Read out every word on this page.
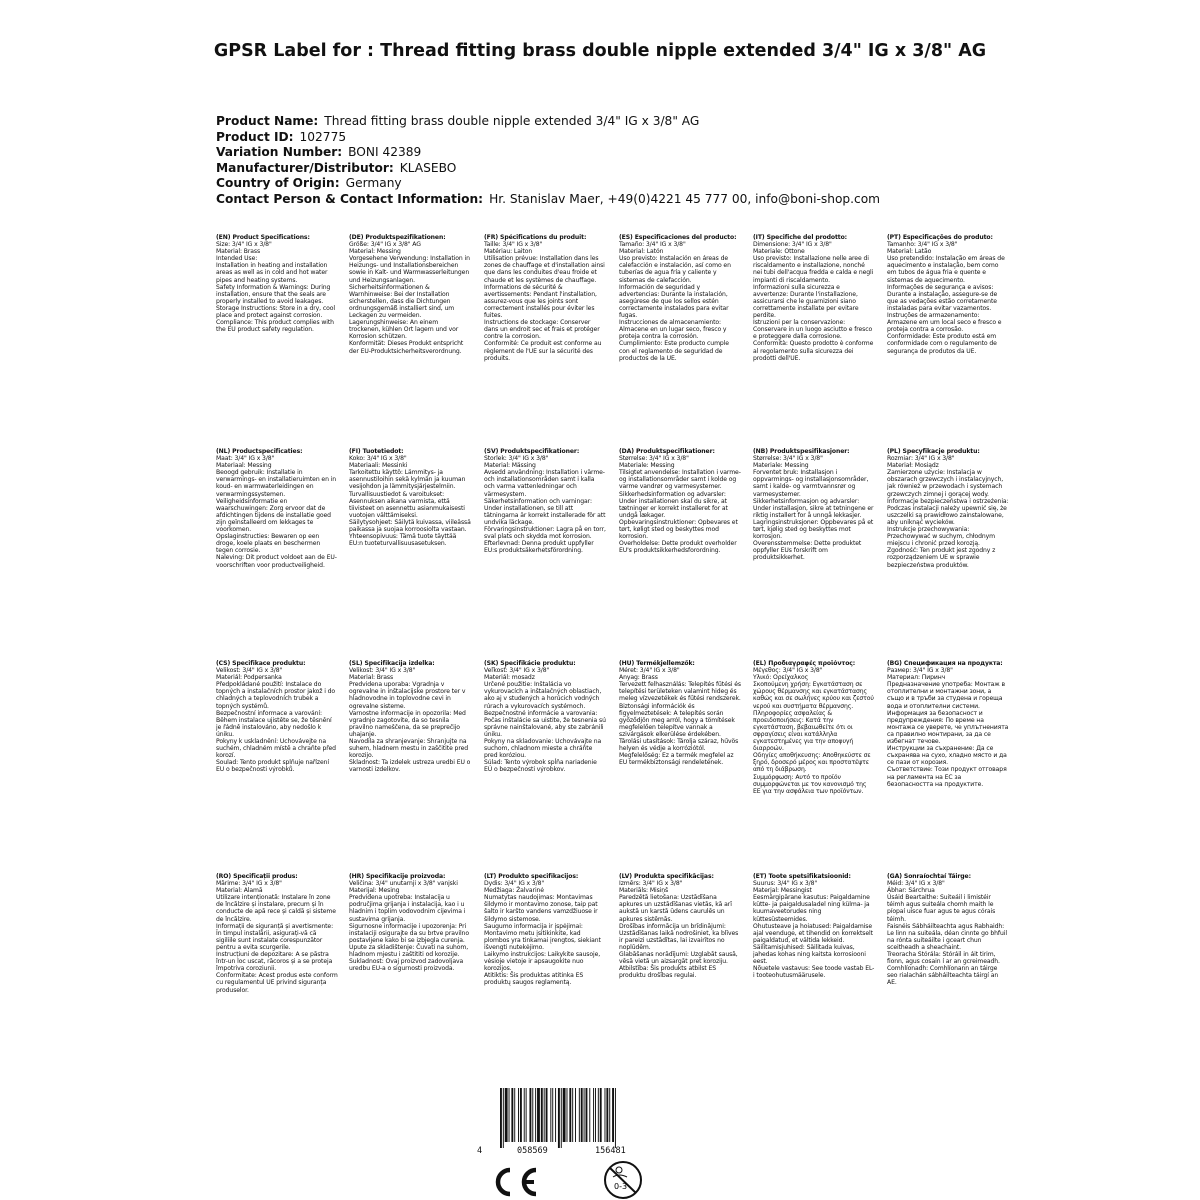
GPSR Label for : Thread fitting brass double nipple extended 3/4" IG x 3/8" AG
Product Name: Thread fitting brass double nipple extended 3/4" IG x 3/8" AG
Product ID: 102775
Variation Number: BONI 42389
Manufacturer/Distributor: KLASEBO
Country of Origin: Germany
Contact Person & Contact Information: Hr. Stanislav Maer, +49(0)4221 45 777 00, info@boni-shop.com

(EN) Product Specifications:

Size: 3/4" IG x 3/8"

Material: Brass

Intended Use:

Installation in heating and installation areas as well as in cold and hot water pipes and heating systems.

Safety Information & Warnings: During installation, ensure that the seals are properly installed to avoid leakages.

Storage Instructions: Store in a dry, cool place and protect against corrosion.

Compliance: This product complies with the EU product safety regulation.

(DE) Produktspezifikationen:

Größe: 3/4" IG x 3/8" AG

Material: Messing

Vorgesehene Verwendung: Installation in Heizungs- und Installationsbereichen sowie in Kalt- und Warmwasserleitungen und Heizungsanlagen.

Sicherheitsinformationen & Warnhinweise: Bei der Installation sicherstellen, dass die Dichtungen ordnungsgemäß installiert sind, um Leckagen zu vermeiden.

Lagerungshinweise: An einem trockenen, kühlen Ort lagern und vor Korrosion schützen.

Konformität: Dieses Produkt entspricht der EU-Produktsicherheitsverordnung.

(FR) Spécifications du produit:

Taille: 3/4" IG x 3/8"

Matériau: Laiton

Utilisation prévue: Installation dans les zones de chauffage et d'installation ainsi que dans les conduites d'eau froide et chaude et les systèmes de chauffage.

Informations de sécurité & avertissements: Pendant l'installation, assurez-vous que les joints sont correctement installés pour éviter les fuites.

Instructions de stockage: Conserver dans un endroit sec et frais et protéger contre la corrosion.

Conformité: Ce produit est conforme au règlement de l'UE sur la sécurité des produits.

(ES) Especificaciones del producto:

Tamaño: 3/4" IG x 3/8"

Material: Latón

Uso previsto: Instalación en áreas de calefacción e instalación, así como en tuberías de agua fría y caliente y sistemas de calefacción.

Información de seguridad y advertencias: Durante la instalación, asegúrese de que los sellos estén correctamente instalados para evitar fugas.

Instrucciones de almacenamiento: Almacene en un lugar seco, fresco y proteja contra la corrosión.

Cumplimiento: Este producto cumple con el reglamento de seguridad de productos de la UE.

(IT) Specifiche del prodotto:

Dimensione: 3/4" IG x 3/8"

Materiale: Ottone

Uso previsto: Installazione nelle aree di riscaldamento e installazione, nonché nei tubi dell'acqua fredda e calda e negli impianti di riscaldamento.

Informazioni sulla sicurezza e avvertenze: Durante l'installazione, assicurarsi che le guarnizioni siano correttamente installate per evitare perdite.

Istruzioni per la conservazione: Conservare in un luogo asciutto e fresco e proteggere dalla corrosione.

Conformità: Questo prodotto è conforme al regolamento sulla sicurezza dei prodotti dell'UE.

(PT) Especificações do produto:

Tamanho: 3/4" IG x 3/8"

Material: Latão

Uso pretendido: Instalação em áreas de aquecimento e instalação, bem como em tubos de água fria e quente e sistemas de aquecimento.

Informações de segurança e avisos: Durante a instalação, assegure-se de que as vedações estão corretamente instaladas para evitar vazamentos.

Instruções de armazenamento: Armazene em um local seco e fresco e proteja contra a corrosão.

Conformidade: Este produto está em conformidade com o regulamento de segurança de produtos da UE.

(NL) Productspecificaties:

Maat: 3/4" IG x 3/8"

Materiaal: Messing

Beoogd gebruik: Installatie in verwarmings- en installatieruimten en in koud- en warmwaterleidingen en verwarmingssystemen.

Veiligheidsinformatie en waarschuwingen: Zorg ervoor dat de afdichtingen tijdens de installatie goed zijn geïnstalleerd om lekkages te voorkomen.

Opslaginstructies: Bewaren op een droge, koele plaats en beschermen tegen corrosie.

Naleving: Dit product voldoet aan de EU-voorschriften voor productveiligheid.

(FI) Tuotetiedot:

Koko: 3/4" IG x 3/8"

Materiaali: Messinki

Tarkoitettu käyttö: Lämmitys- ja asennustiloihin sekä kylmän ja kuuman vesijohdon ja lämmitysjärjestelmiin.

Turvallisuustiedot & varoitukset: Asennuksen aikana varmista, että tiivisteet on asennettu asianmukaisesti vuotojen välttämiseksi.

Säilytysohjeet: Säilytä kuivassa, viileässä paikassa ja suojaa korroosiolta vastaan.

Yhteensopivuus: Tämä tuote täyttää EU:n tuoteturvallisuusasetuksen.

(SV) Produktspecifikationer:

Storlek: 3/4" IG x 3/8"

Material: Mässing

Avsedd användning: Installation i värme- och installationsområden samt i kalla och varma vattenledningar och värmesystem.

Säkerhetsinformation och varningar: Under installationen, se till att tätningarna är korrekt installerade för att undvika läckage.

Förvaringsinstruktioner: Lagra på en torr, sval plats och skydda mot korrosion.

Efterlevnad: Denna produkt uppfyller EU:s produktsäkerhetsförordning.

(DA) Produktspecifikationer:

Størrelse: 3/4" IG x 3/8"

Materiale: Messing

Tilsigtet anvendelse: Installation i varme- og installationsområder samt i kolde og varme vandrør og varmesystemer.

Sikkerhedsinformation og advarsler: Under installationen skal du sikre, at tætninger er korrekt installeret for at undgå lækager.

Opbevaringsinstruktioner: Opbevares et tørt, køligt sted og beskyttes mod korrosion.

Overholdelse: Dette produkt overholder EU's produktsikkerhedsforordning.

(NB) Produktspesifikasjoner:

Størrelse: 3/4" IG x 3/8"

Materiale: Messing

Forventet bruk: Installasjon i oppvarmings- og installasjonsområder, samt i kalde- og varmtvannsrør og varmesystemer.

Sikkerhetsinformasjon og advarsler: Under installasjon, sikre at tetningene er riktig installert for å unngå lekkasjer.

Lagringsinstruksjoner: Oppbevares på et tørt, kjølig sted og beskyttes mot korrosjon.

Overensstemmelse: Dette produktet oppfyller EUs forskrift om produktsikkerhet.

(PL) Specyfikacje produktu:

Rozmiar: 3/4" IG x 3/8"

Materiał: Mosiądz

Zamierzone użycie: Instalacja w obszarach grzewczych i instalacyjnych, jak również w przewodach i systemach grzewczych zimnej i gorącej wody.

Informacje bezpieczeństwa i ostrzeżenia: Podczas instalacji należy upewnić się, że uszczelki są prawidłowo zainstalowane, aby uniknąć wycieków.

Instrukcje przechowywania: Przechowywać w suchym, chłodnym miejscu i chronić przed korozją.

Zgodność: Ten produkt jest zgodny z rozporządzeniem UE w sprawie bezpieczeństwa produktów.

(CS) Specifikace produktu:

Velikost: 3/4" IG x 3/8"

Materiál: Podpersanka

Předpokládané použití: Instalace do topných a instalačních prostor jakož i do chladných a teplovodních trubek a topných systémů.

Bezpečnostní informace a varování: Během instalace ujistěte se, že těsnění je řádně instalováno, aby nedošlo k úniku.

Pokyny k uskladnění: Uchovávejte na suchém, chladném místě a chraňte před korozí.

Soulad: Tento produkt splňuje nařízení EU o bezpečnosti výrobků.

(SL) Specifikacija izdelka:

Velikost: 3/4" IG x 3/8"

Material: Brass

Predvidena uporaba: Vgradnja v ogrevalne in inštalacijske prostore ter v hladnovodne in toplovodne cevi in ogrevalne sisteme.

Varnostne informacije in opozorila: Med vgradnjo zagotovite, da so tesnila pravilno nameščena, da se preprečijo uhajanje.

Navodila za shranjevanje: Shranjujte na suhem, hladnem mestu in zaščitite pred korozijo.

Skladnost: Ta izdelek ustreza uredbi EU o varnosti izdelkov.

(SK) Špecifikácie produktu:

Veľkosť: 3/4" IG x 3/8"

Materiál: mosadz

Určené použitie: Inštalácia vo vykurovacích a inštalačných oblastiach, ako aj v studených a horúcich vodných rúrach a vykurovacích systémoch.

Bezpečnostné informácie a varovania: Počas inštalácie sa uistite, že tesnenia sú správne nainštalované, aby ste zabránili úniku.

Pokyny na skladovanie: Uchovávajte na suchom, chladnom mieste a chráňte pred koróziou.

Súlad: Tento výrobok spĺňa nariadenie EÚ o bezpečnosti výrobkov.

(HU) Termékjellemzők:

Méret: 3/4" IG x 3/8"

Anyag: Brass

Tervezett felhasználás: Telepítés fűtési és telepítési területeken valamint hideg és meleg vízvezetékek és fűtési rendszerek.

Biztonsági információk és figyelmeztetések: A telepítés során győződjön meg arról, hogy a tömítések megfelelően telepítve vannak a szivárgások elkerülése érdekében.

Tárolási utasítások: Tárolja száraz, hűvös helyen és védje a korróziótól.

Megfelelőség: Ez a termék megfelel az EU termékbiztonsági rendeletének.

(EL) Προδιαγραφές προϊόντος:

Μέγεθος: 3/4" IG x 3/8"

Υλικό: Ορείχαλκος

Σκοπούμενη χρήση: Εγκατάσταση σε χώρους θέρμανσης και εγκατάστασης καθώς και σε σωλήνες κρύου και ζεστού νερού και συστήματα θέρμανσης.

Πληροφορίες ασφαλείας & προειδοποιήσεις: Κατά την εγκατάσταση, βεβαιωθείτε ότι οι σφραγίσεις είναι κατάλληλα εγκατεστημένες για την αποφυγή διαρροών.

Οδηγίες αποθήκευσης: Αποθηκεύστε σε ξηρό, δροσερό μέρος και προστατέψτε από τη διάβρωση.

Συμμόρφωση: Αυτό το προϊόν συμμορφώνεται με τον κανονισμό της ΕΕ για την ασφάλεια των προϊόντων.

(BG) Спецификация на продукта:

Размер: 3/4" IG x 3/8"

Материал: Пиринч

Предназначение употреба: Монтаж в отоплителни и монтажни зони, а също и в тръби за студена и гореща вода и отоплителни системи.

Информация за безопасност и предупреждения: По време на монтажа се уверете, че уплътненията са правилно монтирани, за да се избегнат течове.

Инструкции за съхранение: Да се съхранява на сухо, хладно място и да се пази от корозия.

Съответствие: Този продукт отговаря на регламента на ЕС за безопасността на продуктите.

(RO) Specificații produs:

Mărime: 3/4" IG x 3/8"

Material: Alamă

Utilizare intenționată: Instalare în zone de încălzire și instalare, precum și în conducte de apă rece și caldă și sisteme de încălzire.

Informații de siguranță și avertismente: În timpul instalării, asigurați-vă că sigiliile sunt instalate corespunzător pentru a evita scurgerile.

Instrucțiuni de depozitare: A se păstra într-un loc uscat, răcoros și a se proteja împotriva coroziunii.

Conformitate: Acest produs este conform cu regulamentul UE privind siguranța produselor.

(HR) Specifikacije proizvoda:

Veličina: 3/4" unutarnji x 3/8" vanjski

Materijal: Mesing

Predviđena upotreba: Instalacija u područjima grijanja i instalacija, kao i u hladnim i toplim vodovodnim cijevima i sustavima grijanja.

Sigurnosne informacije i upozorenja: Pri instalaciji osigurajte da su brtve pravilno postavljene kako bi se izbjegla curenja.

Upute za skladištenje: Čuvati na suhom, hladnom mjestu i zaštititi od korozije.

Sukladnost: Ovaj proizvod zadovoljava uredbu EU-a o sigurnosti proizvoda.

(LT) Produkto specifikacijos:

Dydis: 3/4" IG x 3/8"

Medžiaga: Žalvarinė

Numatytas naudojimas: Montavimas šildymo ir montavimo zonose, taip pat šalto ir karšto vandens vamzdžiuose ir šildymo sistemose.

Saugumo informacija ir įspėjimai: Montavimo metu įsitikinkite, kad plombos yra tinkamai įrengtos, siekiant išvengti nutekėjimo.

Laikymo instrukcijos: Laikykite sausoje, vėsioje vietoje ir apsaugokite nuo korozijos.

Atitiktis: Šis produktas atitinka ES produktų saugos reglamentą.

(LV) Produkta specifikācijas:

Izmērs: 3/4" IG x 3/8"

Materiāls: Misiņš

Paredzētā lietošana: Uzstādīšana apkures un uzstādīšanas vietās, kā arī aukstā un karstā ūdens caurulēs un apkures sistēmās.

Drošības informācija un brīdinājumi: Uzstādīšanas laikā nodrošiniet, ka blīves ir pareizi uzstādītas, lai izvairītos no noplūdēm.

Glabāšanas norādījumi: Uzglabāt sausā, vēsā vietā un aizsargāt pret koroziju.

Atbilstība: Šis produkts atbilst ES produktu drošības regulai.

(ET) Toote spetsifikatsioonid:

Suurus: 3/4" IG x 3/8"

Materjal: Messingist

Eesmärgipärane kasutus: Paigaldamine kütte- ja paigaldusaladel ning külma- ja kuumaveetorudes ning küttesüsteemides.

Ohutusteave ja hoiatused: Paigaldamise ajal veenduge, et tihendid on korrektselt paigaldatud, et vältida lekkeid.

Säilitamisjuhised: Säilitada kuivas, jahedas kohas ning kaitsta korrosiooni eest.

Nõuetele vastavus: See toode vastab EL-i tooteohutusmäärusele.

(GA) Sonraíochtaí Táirge:

Méid: 3/4" IG x 3/8"

Ábhar: Sárchrua

Úsáid Beartaithe: Suiteáil i limistéir téimh agus suiteála chomh maith le píopaí uisce fuar agus te agus córais téimh.

Faisnéis Sábháilteachta agus Rabhaidh: Le linn na suiteála, déan cinnte go bhfuil na rónta suiteáilte i gceart chun sceitheadh a sheachaint.

Treoracha Stórála: Stóráil in áit tirim, fionn, agus cosain í ar an gcreimeadh.

Comhlíonadh: Comhlíonann an táirge seo rialachán sábháilteachta táirgí an AE.

4	058569	156481
0-3
